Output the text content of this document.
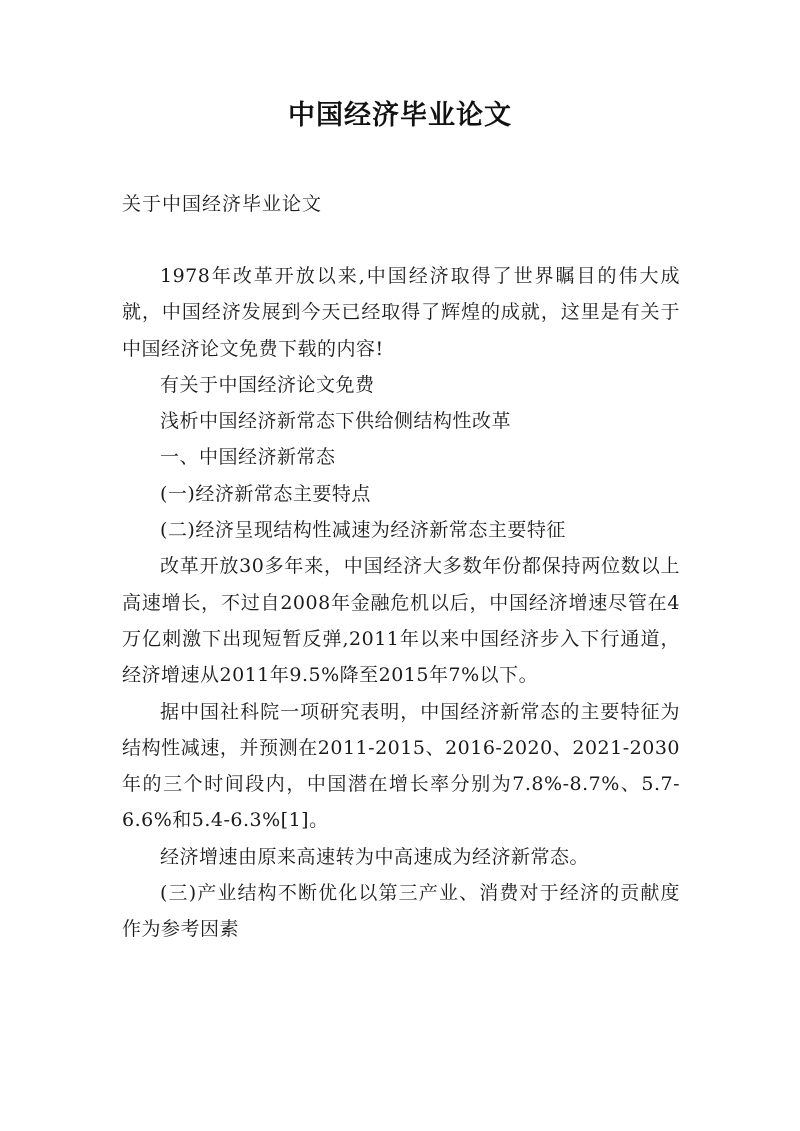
中国经济毕业论文
关于中国经济毕业论文

1978年改革开放以来,中国经济取得了世界瞩目的伟大成就，中国经济发展到今天已经取得了辉煌的成就，这里是有关于中国经济论文免费下载的内容!

有关于中国经济论文免费

浅析中国经济新常态下供给侧结构性改革

一、中国经济新常态

(一)经济新常态主要特点

(二)经济呈现结构性减速为经济新常态主要特征

改革开放30多年来，中国经济大多数年份都保持两位数以上高速增长，不过自2008年金融危机以后，中国经济增速尽管在4万亿刺激下出现短暂反弹,2011年以来中国经济步入下行通道，经济增速从2011年9.5%降至2015年7%以下。

据中国社科院一项研究表明，中国经济新常态的主要特征为结构性减速，并预测在2011-2015、2016-2020、2021-2030年的三个时间段内，中国潜在增长率分别为7.8%-8.7%、5.7-6.6%和5.4-6.3%[1]。

经济增速由原来高速转为中高速成为经济新常态。

(三)产业结构不断优化以第三产业、消费对于经济的贡献度作为参考因素
